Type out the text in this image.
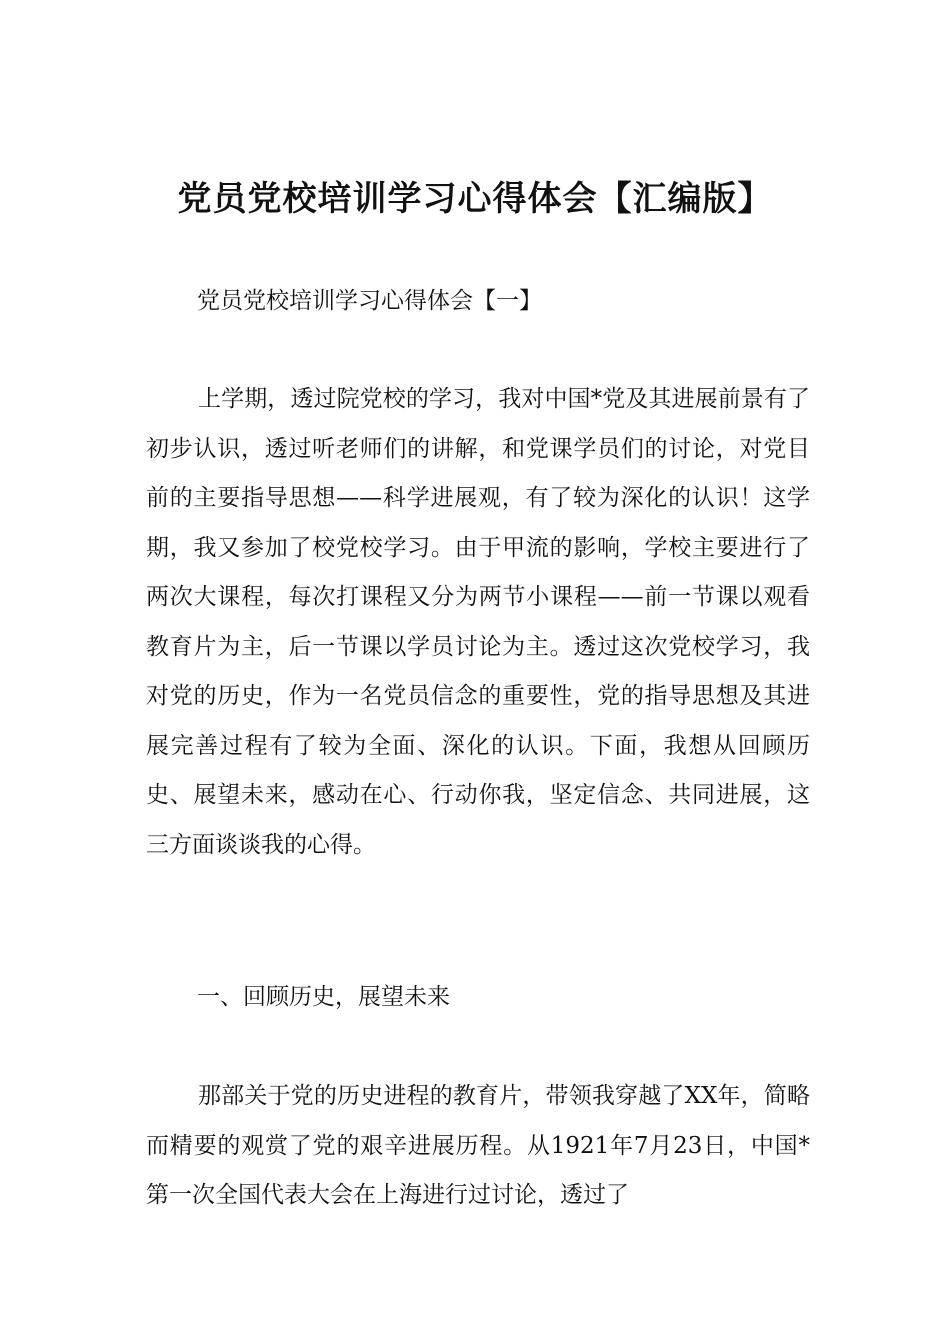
党员党校培训学习心得体会【汇编版】

党员党校培训学习心得体会【一】

上学期，透过院党校的学习，我对中国*党及其进展前景有了初步认识，透过听老师们的讲解，和党课学员们的讨论，对党目前的主要指导思想——科学进展观，有了较为深化的认识！这学期，我又参加了校党校学习。由于甲流的影响，学校主要进行了两次大课程，每次打课程又分为两节小课程——前一节课以观看教育片为主，后一节课以学员讨论为主。透过这次党校学习，我对党的历史，作为一名党员信念的重要性，党的指导思想及其进展完善过程有了较为全面、深化的认识。下面，我想从回顾历史、展望未来，感动在心、行动你我，坚定信念、共同进展，这三方面谈谈我的心得。

一、回顾历史，展望未来

那部关于党的历史进程的教育片，带领我穿越了XX年，简略而精要的观赏了党的艰辛进展历程。从1921年7月23日，中国*第一次全国代表大会在上海进行过讨论，透过了
